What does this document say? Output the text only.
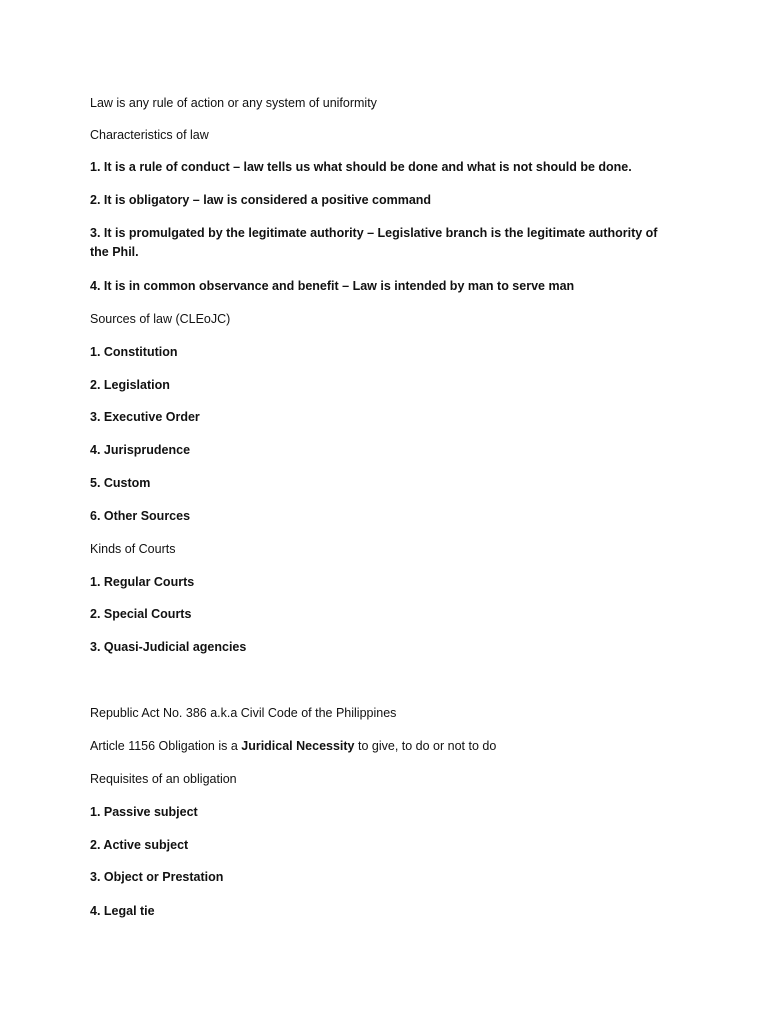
Law is any rule of action or any system of uniformity
Characteristics of law
1. It is a rule of conduct – law tells us what should be done and what is not should be done.
2. It is obligatory – law is considered a positive command
3. It is promulgated by the legitimate authority – Legislative branch is the legitimate authority of the Phil.
4. It is in common observance and benefit – Law is intended by man to serve man
Sources of law (CLEoJC)
1. Constitution
2. Legislation
3. Executive Order
4. Jurisprudence
5. Custom
6. Other Sources
Kinds of Courts
1. Regular Courts
2. Special Courts
3. Quasi-Judicial agencies
Republic Act No. 386 a.k.a Civil Code of the Philippines
Article 1156 Obligation is a Juridical Necessity to give, to do or not to do
Requisites of an obligation
1. Passive subject
2. Active subject
3. Object or Prestation
4. Legal tie
